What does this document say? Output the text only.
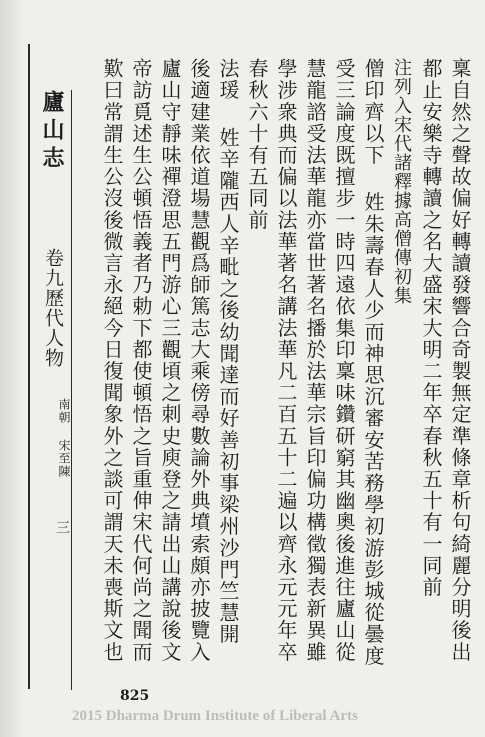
廬山志
卷九歷代人物
南朝 宋至陳
三	稟自然之聲故偏好轉讀發響合奇製無定準條章析句綺麗分明後出
都止安樂寺轉讀之名大盛宋大明二年卒春秋五十有一同前
注列入宋代諸釋據高僧傳初集
僧印齊以下 姓朱壽春人少而神思沉審安苦務學初游彭城從曇度
受三論度既擅步一時四遠依集印稟味鑽研窮其幽奧後進往廬山從
慧龍諮受法華龍亦當世著名播於法華宗旨印偏功構徵獨表新異雖
學涉衆典而偏以法華著名講法華凡二百五十二遍以齊永元元年卒
春秋六十有五同前
法瑗 姓辛隴西人辛毗之後幼聞達而好善初事梁州沙門竺慧開
後適建業依道場慧觀爲師篤志大乘傍尋數論外典墳索頗亦披覽入
廬山守靜味禪澄思五門游心三觀頃之刺史庾登之請出山講說後文
帝訪覓述生公頓悟義者乃勅下都使頓悟之旨重伸宋代何尚之聞而
歎曰常謂生公沒後微言永絕今日復聞象外之談可謂天未喪斯文也
825
2015 Dharma Drum Institute of Liberal Arts
